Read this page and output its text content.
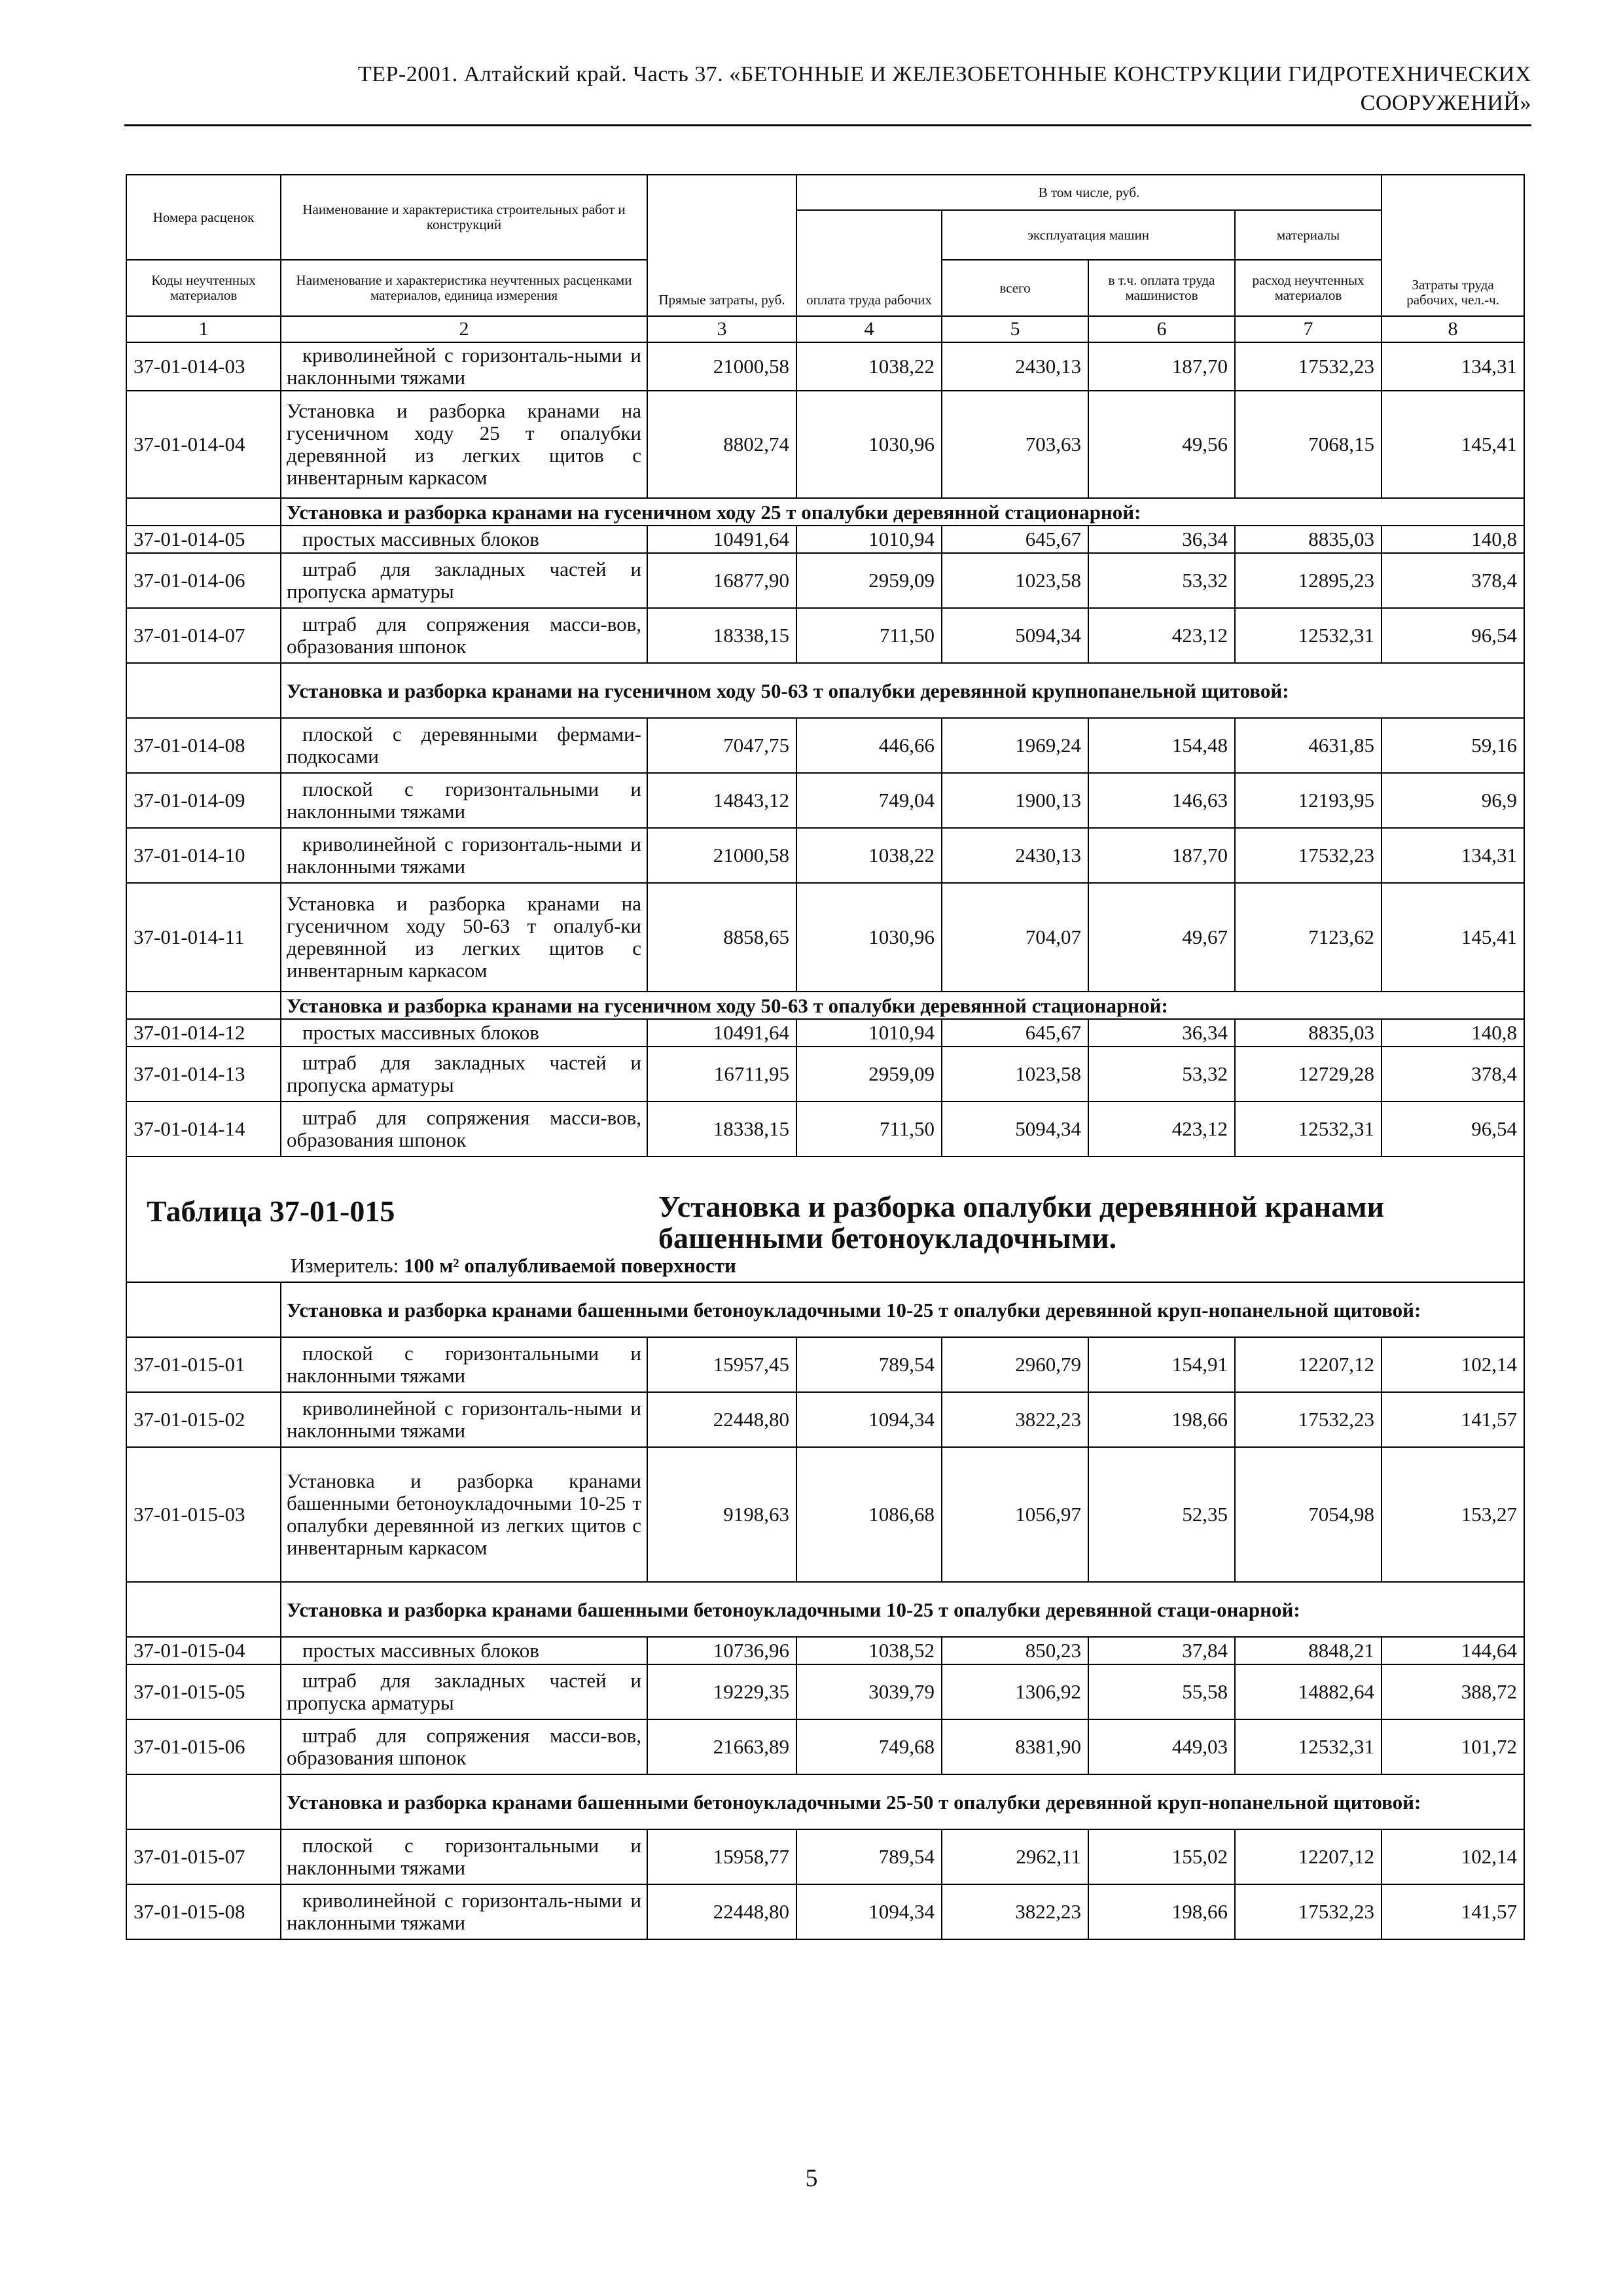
ТЕР-2001. Алтайский край. Часть 37. «БЕТОННЫЕ И ЖЕЛЕЗОБЕТОННЫЕ КОНСТРУКЦИИ ГИДРОТЕХНИЧЕСКИХ
СООРУЖЕНИЙ»
Номера расценок	Наименование и характеристика строительных работ и конструкций	Прямые затраты, руб.	В том числе, руб.				Затраты труда рабочих, чел.-ч.
			оплата труда рабочих	эксплуатация машин		материалы	
Коды неучтенных материалов	Наименование и характеристика неучтенных расценками материалов, единица измерения			всего	в т.ч. оплата труда машинистов	расход неучтенных материалов	
1	2	3	4	5	6	7	8
37-01-014-03	криволинейной с горизонталь-ными и наклонными тяжами	21000,58	1038,22	2430,13	187,70	17532,23	134,31
37-01-014-04	Установка и разборка кранами на гусеничном ходу 25 т опалубки деревянной из легких щитов с инвентарным каркасом	8802,74	1030,96	703,63	49,56	7068,15	145,41
	Установка и разборка кранами на гусеничном ходу 25 т опалубки деревянной стационарной:						
37-01-014-05	простых массивных блоков	10491,64	1010,94	645,67	36,34	8835,03	140,8
37-01-014-06	штраб для закладных частей и пропуска арматуры	16877,90	2959,09	1023,58	53,32	12895,23	378,4
37-01-014-07	штраб для сопряжения масси-вов, образования шпонок	18338,15	711,50	5094,34	423,12	12532,31	96,54
	Установка и разборка кранами на гусеничном ходу 50-63 т опалубки деревянной крупнопанельной щитовой:						
37-01-014-08	плоской с деревянными фермами-подкосами	7047,75	446,66	1969,24	154,48	4631,85	59,16
37-01-014-09	плоской с горизонтальными и наклонными тяжами	14843,12	749,04	1900,13	146,63	12193,95	96,9
37-01-014-10	криволинейной с горизонталь-ными и наклонными тяжами	21000,58	1038,22	2430,13	187,70	17532,23	134,31
37-01-014-11	Установка и разборка кранами на гусеничном ходу 50-63 т опалуб-ки деревянной из легких щитов с инвентарным каркасом	8858,65	1030,96	704,07	49,67	7123,62	145,41
	Установка и разборка кранами на гусеничном ходу 50-63 т опалубки деревянной стационарной:						
37-01-014-12	простых массивных блоков	10491,64	1010,94	645,67	36,34	8835,03	140,8
37-01-014-13	штраб для закладных частей и пропуска арматуры	16711,95	2959,09	1023,58	53,32	12729,28	378,4
37-01-014-14	штраб для сопряжения масси-вов, образования шпонок	18338,15	711,50	5094,34	423,12	12532,31	96,54

Таблица 37-01-015 Установка и разборка опалубки деревянной кранами башенными бетоноукладочными.
Измеритель: 100 м² опалубливаемой поверхности							

	Установка и разборка кранами башенными бетоноукладочными 10-25 т опалубки деревянной круп-нопанельной щитовой:						
37-01-015-01	плоской с горизонтальными и наклонными тяжами	15957,45	789,54	2960,79	154,91	12207,12	102,14
37-01-015-02	криволинейной с горизонталь-ными и наклонными тяжами	22448,80	1094,34	3822,23	198,66	17532,23	141,57
37-01-015-03	Установка и разборка кранами башенными бетоноукладочными 10-25 т опалубки деревянной из легких щитов с инвентарным каркасом	9198,63	1086,68	1056,97	52,35	7054,98	153,27
	Установка и разборка кранами башенными бетоноукладочными 10-25 т опалубки деревянной стаци-онарной:						
37-01-015-04	простых массивных блоков	10736,96	1038,52	850,23	37,84	8848,21	144,64
37-01-015-05	штраб для закладных частей и пропуска арматуры	19229,35	3039,79	1306,92	55,58	14882,64	388,72
37-01-015-06	штраб для сопряжения масси-вов, образования шпонок	21663,89	749,68	8381,90	449,03	12532,31	101,72
	Установка и разборка кранами башенными бетоноукладочными 25-50 т опалубки деревянной круп-нопанельной щитовой:						
37-01-015-07	плоской с горизонтальными и наклонными тяжами	15958,77	789,54	2962,11	155,02	12207,12	102,14
37-01-015-08	криволинейной с горизонталь-ными и наклонными тяжами	22448,80	1094,34	3822,23	198,66	17532,23	141,57
5
